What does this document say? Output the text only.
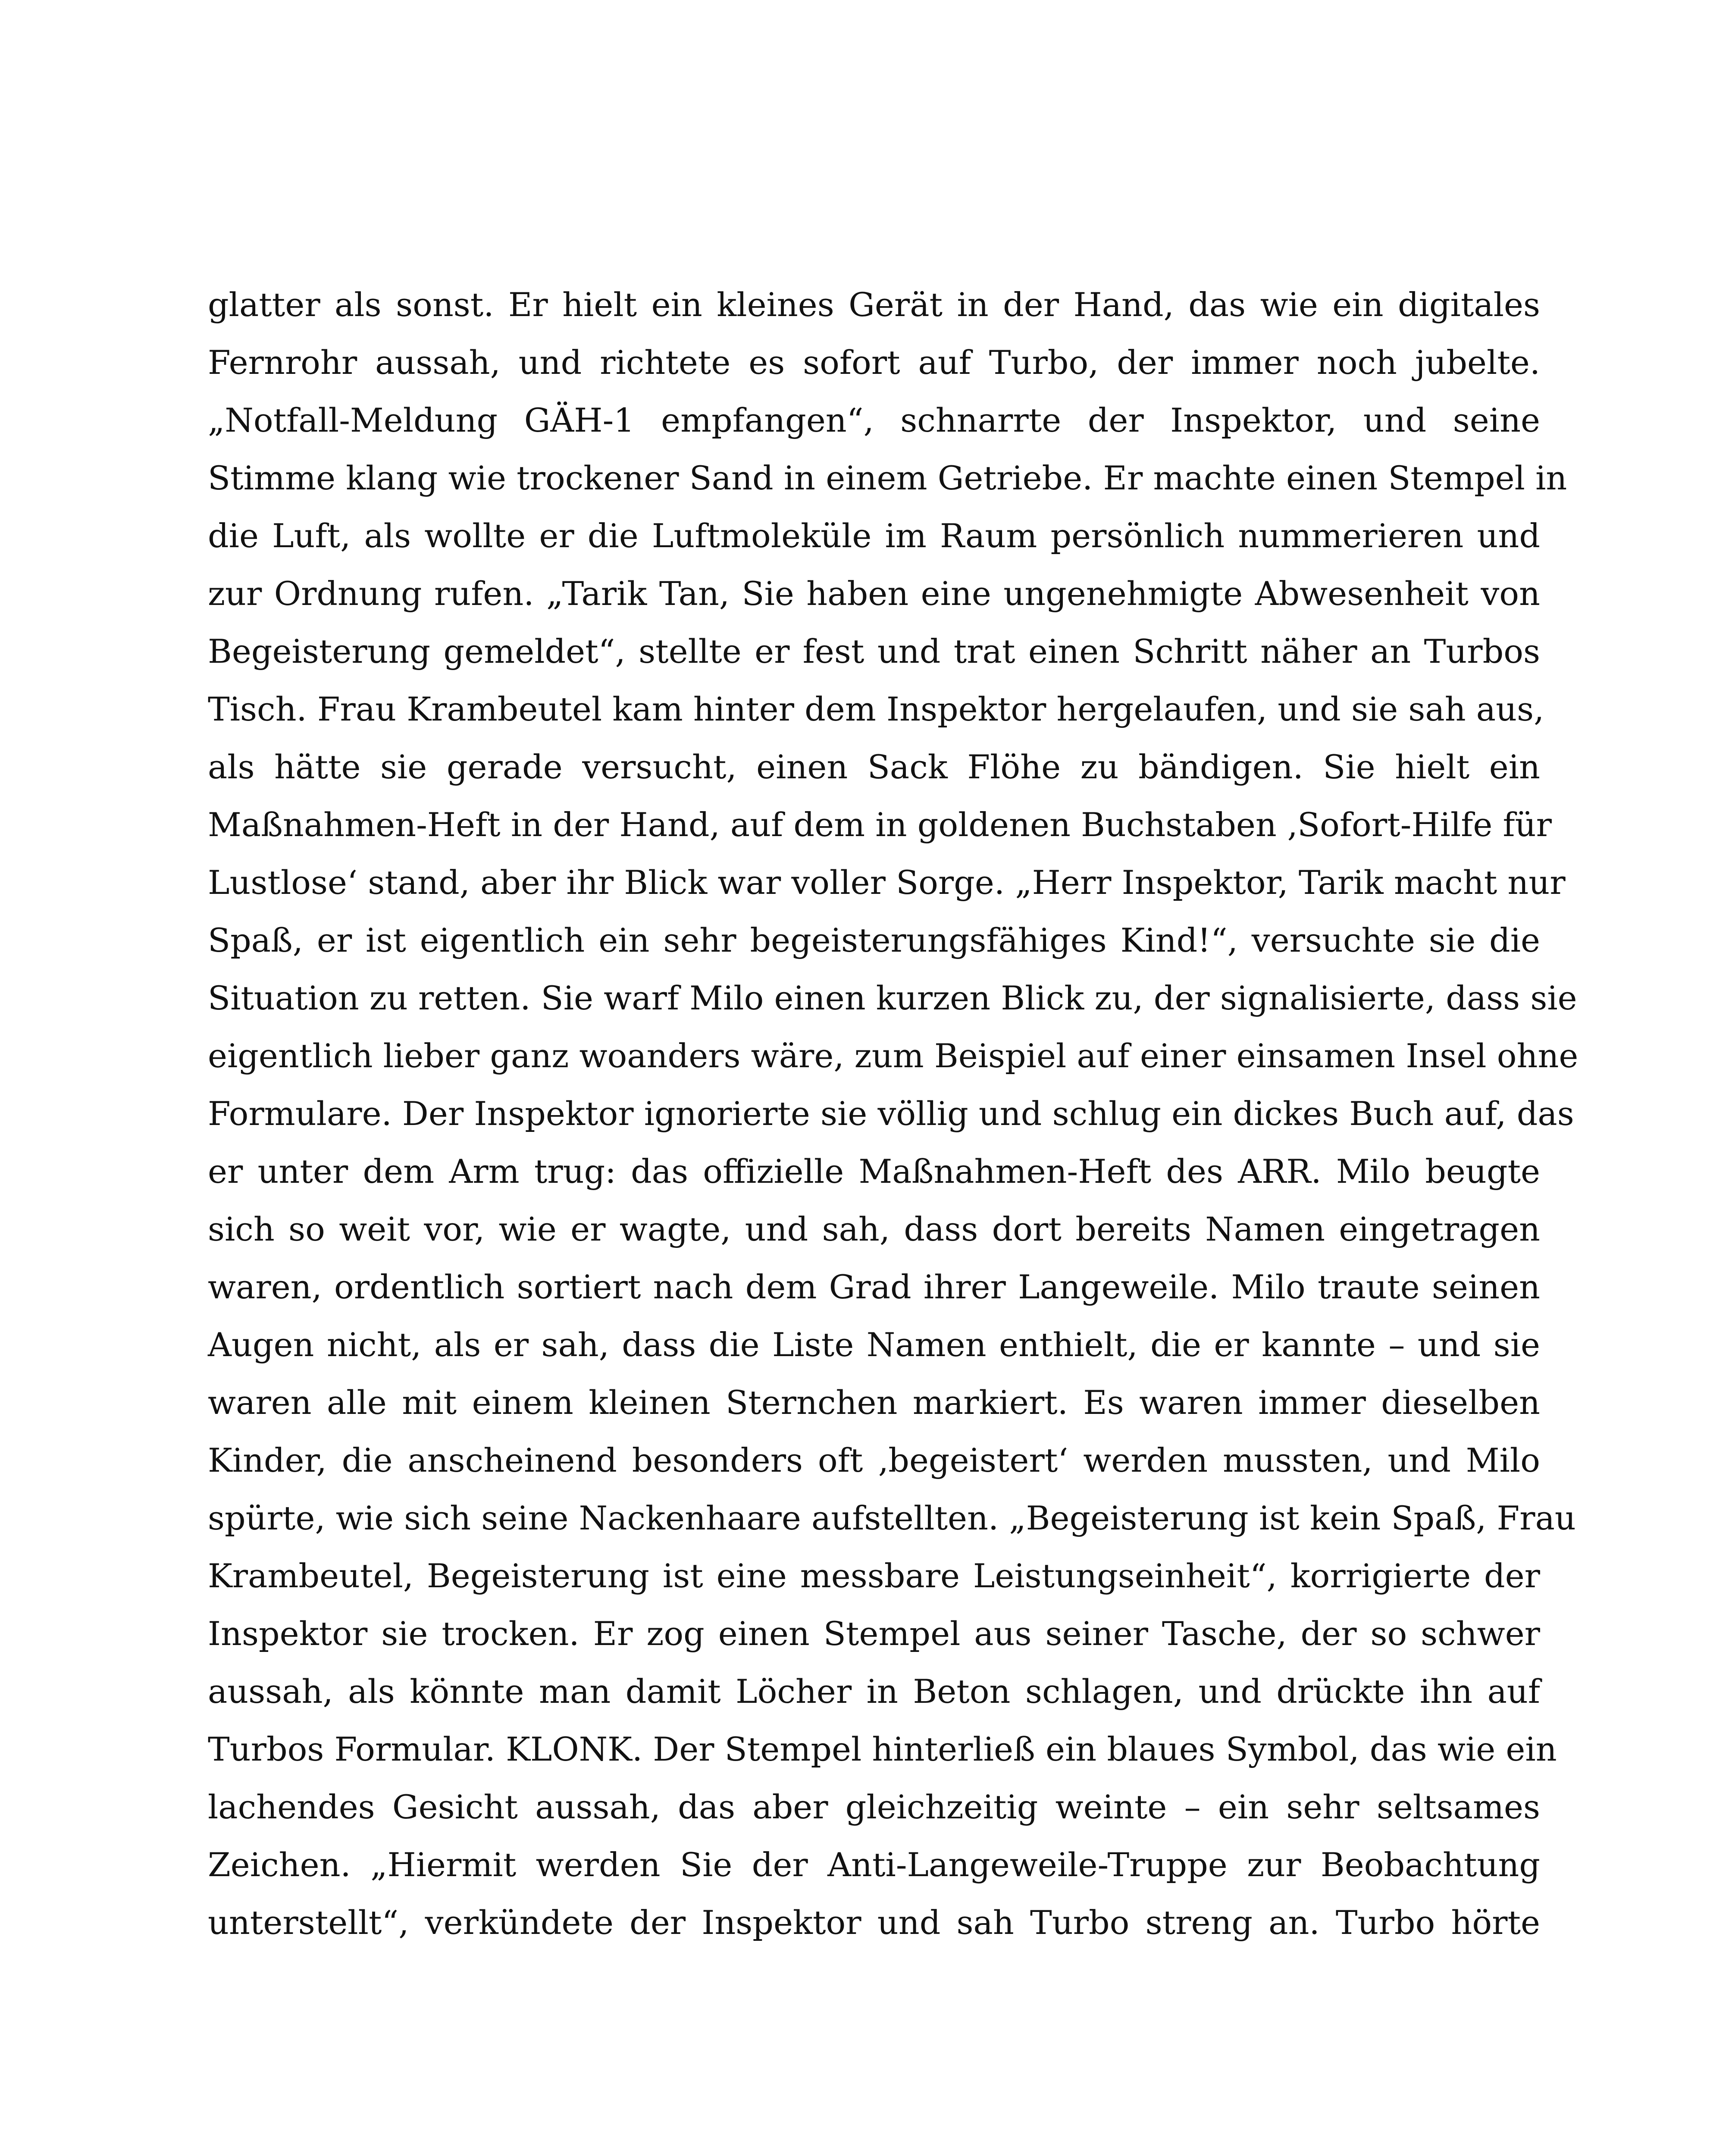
glatter als sonst. Er hielt ein kleines Gerät in der Hand, das wie ein digitales
Fernrohr aussah, und richtete es sofort auf Turbo, der immer noch jubelte.
„Notfall-Meldung GÄH-1 empfangen“, schnarrte der Inspektor, und seine
Stimme klang wie trockener Sand in einem Getriebe. Er machte einen Stempel in
die Luft, als wollte er die Luftmoleküle im Raum persönlich nummerieren und
zur Ordnung rufen. „Tarik Tan, Sie haben eine ungenehmigte Abwesenheit von
Begeisterung gemeldet“, stellte er fest und trat einen Schritt näher an Turbos
Tisch. Frau Krambeutel kam hinter dem Inspektor hergelaufen, und sie sah aus,
als hätte sie gerade versucht, einen Sack Flöhe zu bändigen. Sie hielt ein
Maßnahmen-Heft in der Hand, auf dem in goldenen Buchstaben ‚Sofort-Hilfe für
Lustlose‘ stand, aber ihr Blick war voller Sorge. „Herr Inspektor, Tarik macht nur
Spaß, er ist eigentlich ein sehr begeisterungsfähiges Kind!“, versuchte sie die
Situation zu retten. Sie warf Milo einen kurzen Blick zu, der signalisierte, dass sie
eigentlich lieber ganz woanders wäre, zum Beispiel auf einer einsamen Insel ohne
Formulare. Der Inspektor ignorierte sie völlig und schlug ein dickes Buch auf, das
er unter dem Arm trug: das offizielle Maßnahmen-Heft des ARR. Milo beugte
sich so weit vor, wie er wagte, und sah, dass dort bereits Namen eingetragen
waren, ordentlich sortiert nach dem Grad ihrer Langeweile. Milo traute seinen
Augen nicht, als er sah, dass die Liste Namen enthielt, die er kannte – und sie
waren alle mit einem kleinen Sternchen markiert. Es waren immer dieselben
Kinder, die anscheinend besonders oft ‚begeistert‘ werden mussten, und Milo
spürte, wie sich seine Nackenhaare aufstellten. „Begeisterung ist kein Spaß, Frau
Krambeutel, Begeisterung ist eine messbare Leistungseinheit“, korrigierte der
Inspektor sie trocken. Er zog einen Stempel aus seiner Tasche, der so schwer
aussah, als könnte man damit Löcher in Beton schlagen, und drückte ihn auf
Turbos Formular. KLONK. Der Stempel hinterließ ein blaues Symbol, das wie ein
lachendes Gesicht aussah, das aber gleichzeitig weinte – ein sehr seltsames
Zeichen. „Hiermit werden Sie der Anti-Langeweile-Truppe zur Beobachtung
unterstellt“, verkündete der Inspektor und sah Turbo streng an. Turbo hörte
